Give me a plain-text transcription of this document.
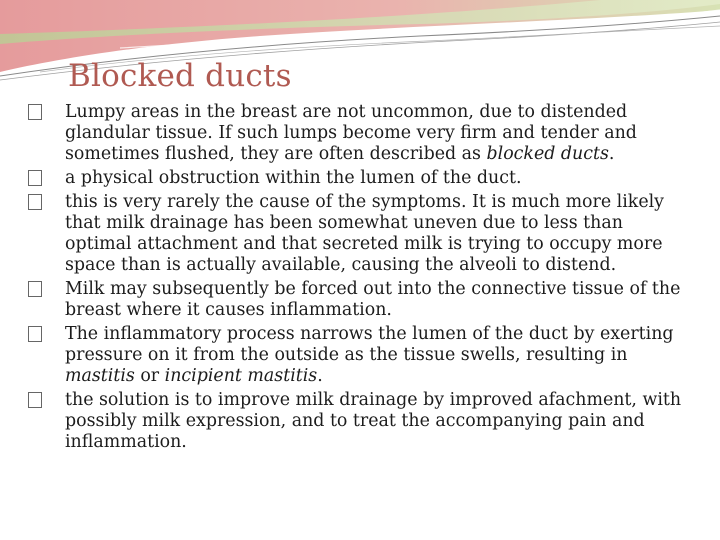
Blocked ducts
Lumpy areas in the breast are not uncommon, due to distended glandular tissue. If such lumps become very firm and tender and sometimes flushed, they are often described as blocked ducts.
a physical obstruction within the lumen of the duct.
this is very rarely the cause of the symptoms. It is much more likely that milk drainage has been somewhat uneven due to less than optimal attachment and that secreted milk is trying to occupy more space than is actually available, causing the alveoli to distend.
Milk may subsequently be forced out into the connective tissue of the breast where it causes inflammation.
The inflammatory process narrows the lumen of the duct by exerting pressure on it from the outside as the tissue swells, resulting in mastitis or incipient mastitis.
the solution is to improve milk drainage by improved afachment, with possibly milk expression, and to treat the accompanying pain and inflammation.
